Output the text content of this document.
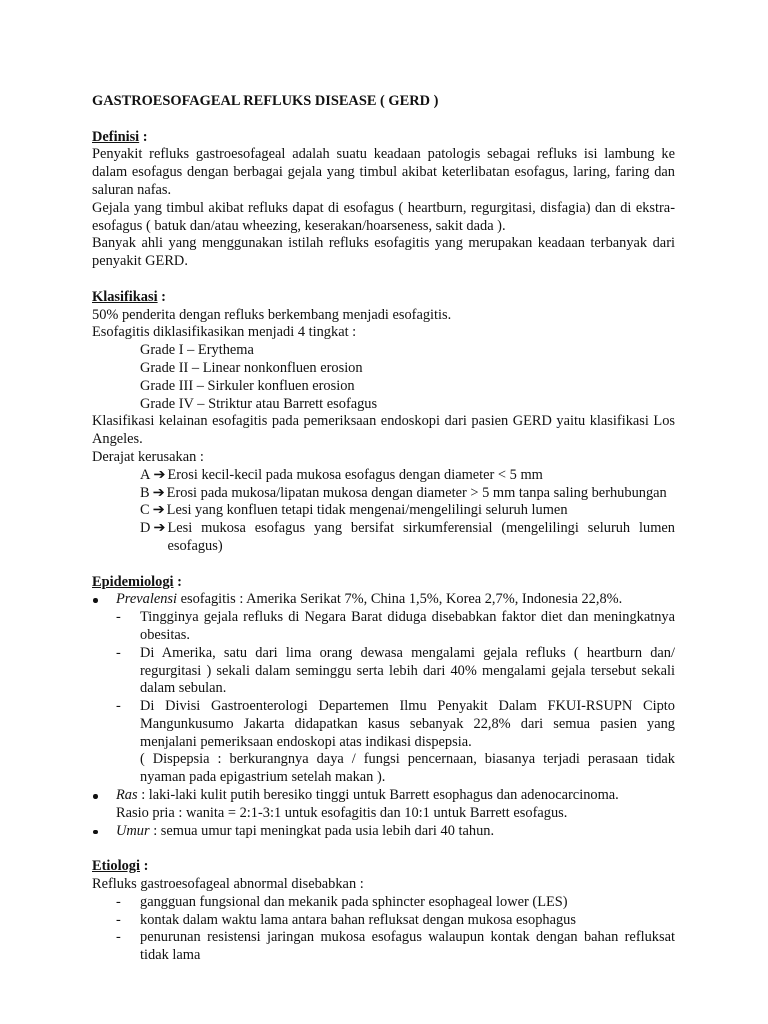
GASTROESOFAGEAL REFLUKS DISEASE ( GERD )

Definisi :

Penyakit refluks gastroesofageal adalah suatu keadaan patologis sebagai refluks isi lambung ke dalam esofagus dengan berbagai gejala yang timbul akibat keterlibatan esofagus, laring, faring dan saluran nafas.

Gejala yang timbul akibat refluks dapat di esofagus ( heartburn, regurgitasi, disfagia) dan di ekstra-esofagus ( batuk dan/atau wheezing, keserakan/hoarseness, sakit dada ).

Banyak ahli yang menggunakan istilah refluks esofagitis yang merupakan keadaan terbanyak dari penyakit GERD.

Klasifikasi :

50% penderita dengan refluks berkembang menjadi esofagitis.

Esofagitis diklasifikasikan menjadi 4 tingkat :

Grade I – Erythema

Grade II – Linear nonkonfluen erosion

Grade III – Sirkuler konfluen erosion

Grade IV – Striktur atau Barrett esofagus

Klasifikasi kelainan esofagitis pada pemeriksaan endoskopi dari pasien GERD yaitu klasifikasi Los Angeles.

Derajat kerusakan :

A ➔ Erosi kecil-kecil pada mukosa esofagus dengan diameter < 5 mm
B ➔ Erosi pada mukosa/lipatan mukosa dengan diameter > 5 mm tanpa saling berhubungan
C ➔ Lesi yang konfluen tetapi tidak mengenai/mengelilingi seluruh lumen
D ➔ Lesi mukosa esofagus yang bersifat sirkumferensial (mengelilingi seluruh lumen esofagus)

Epidemiologi :

Prevalensi esofagitis : Amerika Serikat 7%, China 1,5%, Korea 2,7%, Indonesia 22,8%.

-	Tingginya gejala refluks di Negara Barat diduga disebabkan faktor diet dan meningkatnya obesitas.
-	Di Amerika, satu dari lima orang dewasa mengalami gejala refluks ( heartburn dan/ regurgitasi ) sekali dalam seminggu serta lebih dari 40% mengalami gejala tersebut sekali dalam sebulan.
-	Di Divisi Gastroenterologi Departemen Ilmu Penyakit Dalam FKUI-RSUPN Cipto Mangunkusumo Jakarta didapatkan kasus sebanyak 22,8% dari semua pasien yang menjalani pemeriksaan endoskopi atas indikasi dispepsia.
( Dispepsia : berkurangnya daya / fungsi pencernaan, biasanya terjadi perasaan tidak nyaman pada epigastrium setelah makan ).

Ras : laki-laki kulit putih beresiko tinggi untuk Barrett esophagus dan adenocarcinoma.

Rasio pria : wanita = 2:1-3:1 untuk esofagitis dan 10:1 untuk Barrett esofagus.

Umur : semua umur tapi meningkat pada usia lebih dari 40 tahun.

Etiologi :

Refluks gastroesofageal abnormal disebabkan :

-	gangguan fungsional dan mekanik pada sphincter esophageal lower (LES)
-	kontak dalam waktu lama antara bahan refluksat dengan mukosa esophagus
-	penurunan resistensi jaringan mukosa esofagus walaupun kontak dengan bahan refluksat tidak lama
